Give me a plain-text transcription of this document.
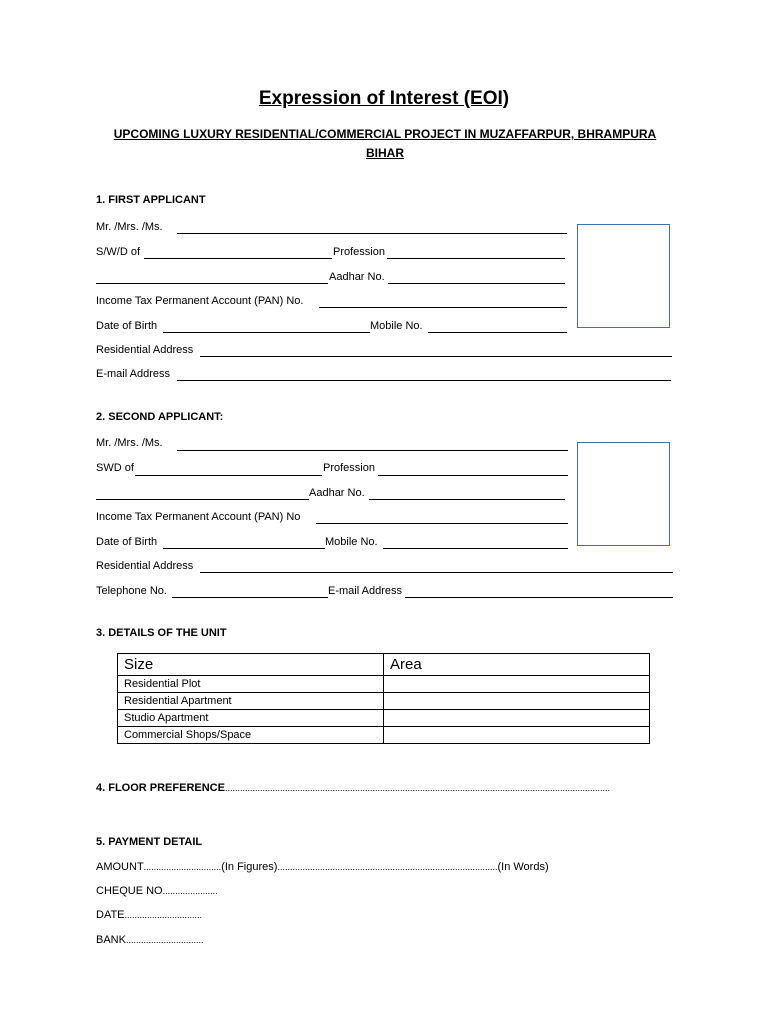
Expression of Interest (EOI)
UPCOMING LUXURY RESIDENTIAL/COMMERCIAL PROJECT IN MUZAFFARPUR, BHRAMPURA
BIHAR
1. FIRST APPLICANT
Mr. /Mrs. /Ms.
S/W/D of	Profession
Aadhar No.
Income Tax Permanent Account (PAN) No.
Date of Birth	Mobile No.
Residential Address
E-mail Address
2. SECOND APPLICANT:
Mr. /Mrs. /Ms.
SWD of	Profession
Aadhar No.
Income Tax Permanent Account (PAN) No
Date of Birth	Mobile No.
Residential Address
Telephone No.	E-mail Address
3. DETAILS OF THE UNIT
Size	Area
Residential Plot	
Residential Apartment	
Studio Apartment	
Commercial Shops/Space	
4. FLOOR PREFERENCE..........................................................................................................................................................
5. PAYMENT DETAIL
AMOUNT...............................(In Figures)........................................................................................(In Words)
CHEQUE NO......................
DATE...............................
BANK...............................
